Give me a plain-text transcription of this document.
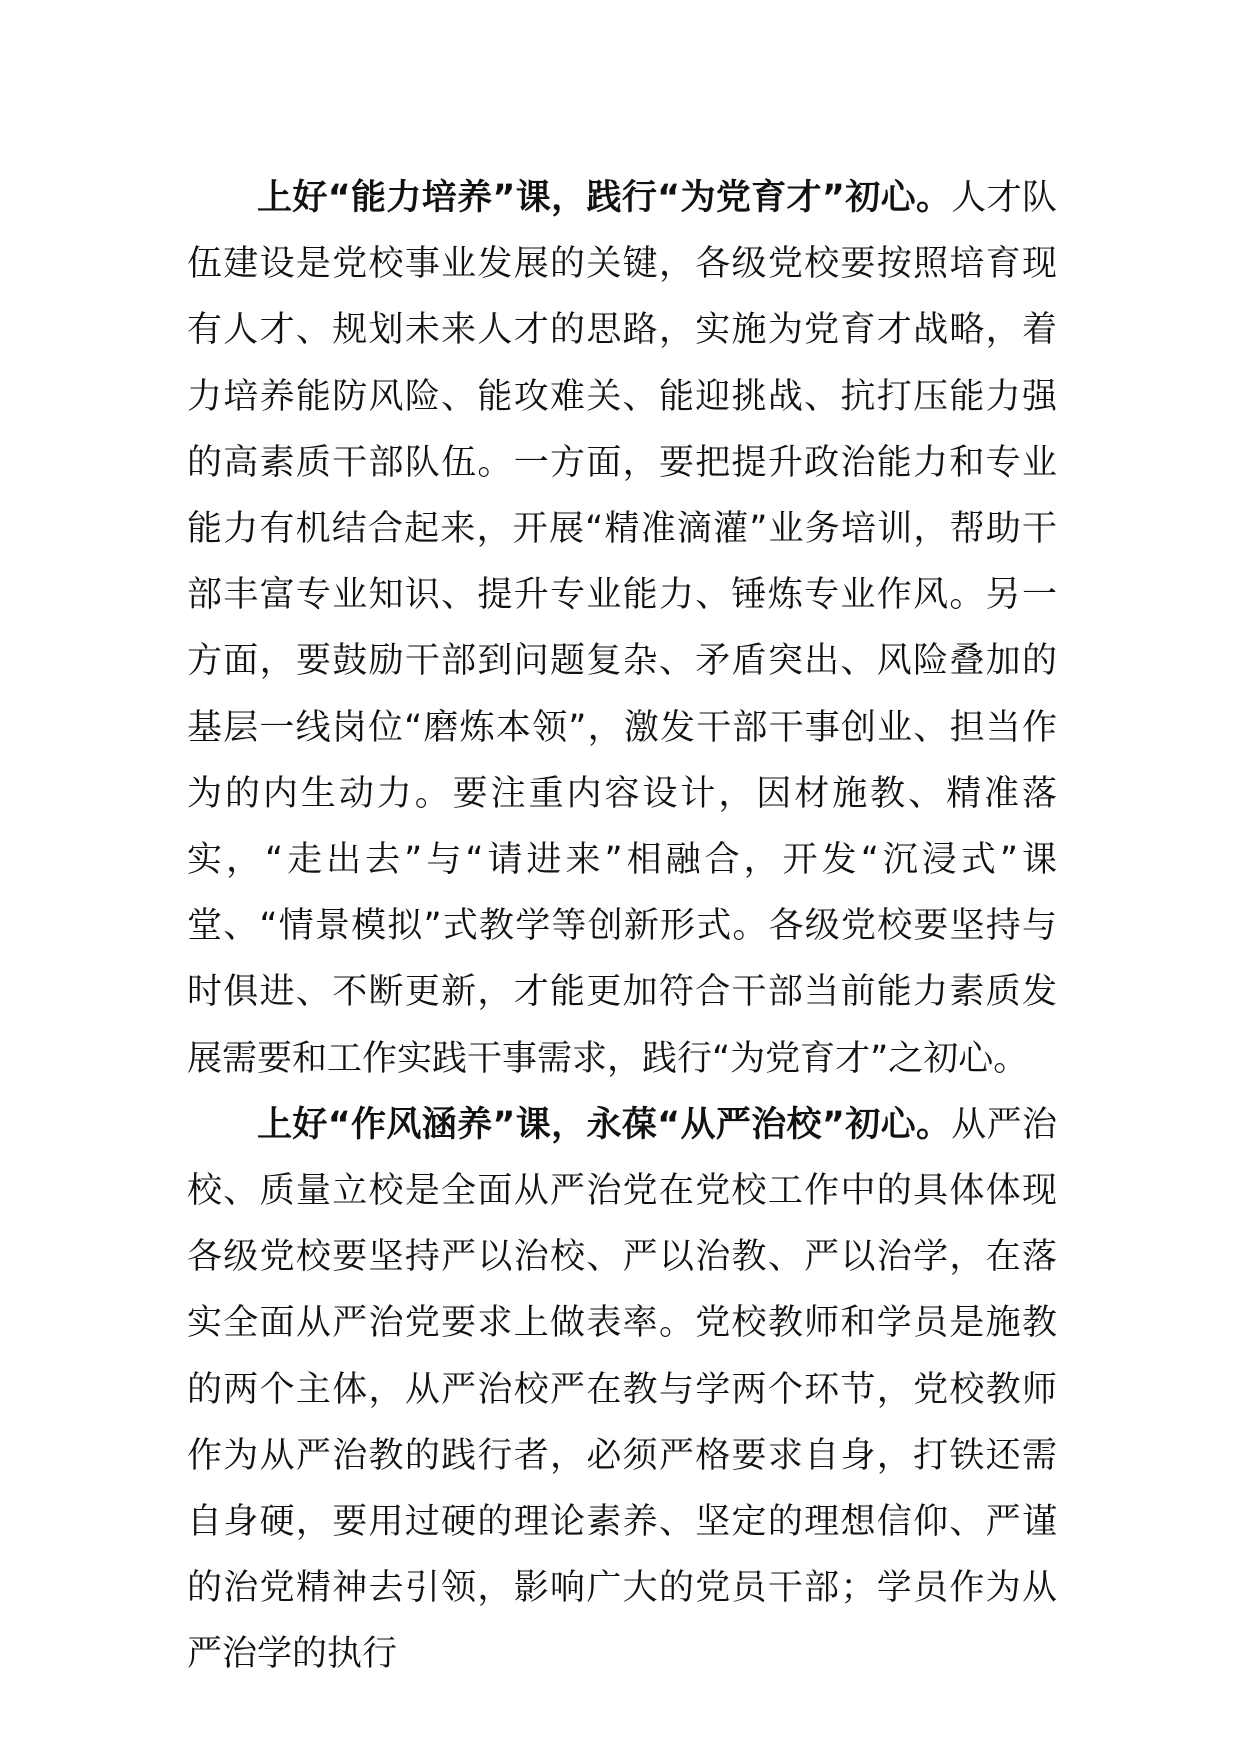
上好“能力培养”课，践行“为党育才”初心。人才队伍建设是党校事业发展的关键，各级党校要按照培育现有人才、规划未来人才的思路，实施为党育才战略，着力培养能防风险、能攻难关、能迎挑战、抗打压能力强的高素质干部队伍。一方面，要把提升政治能力和专业能力有机结合起来，开展“精准滴灌”业务培训，帮助干部丰富专业知识、提升专业能力、锤炼专业作风。另一方面，要鼓励干部到问题复杂、矛盾突出、风险叠加的基层一线岗位“磨炼本领”，激发干部干事创业、担当作为的内生动力。要注重内容设计，因材施教、精准落实，“走出去”与“请进来”相融合，开发“沉浸式”课堂、“情景模拟”式教学等创新形式。各级党校要坚持与时俱进、不断更新，才能更加符合干部当前能力素质发展需要和工作实践干事需求，践行“为党育才”之初心。

上好“作风涵养”课，永葆“从严治校”初心。从严治校、质量立校是全面从严治党在党校工作中的具体体现各级党校要坚持严以治校、严以治教、严以治学，在落实全面从严治党要求上做表率。党校教师和学员是施教的两个主体，从严治校严在教与学两个环节，党校教师作为从严治教的践行者，必须严格要求自身，打铁还需自身硬，要用过硬的理论素养、坚定的理想信仰、严谨的治党精神去引领，影响广大的党员干部；学员作为从严治学的执行
